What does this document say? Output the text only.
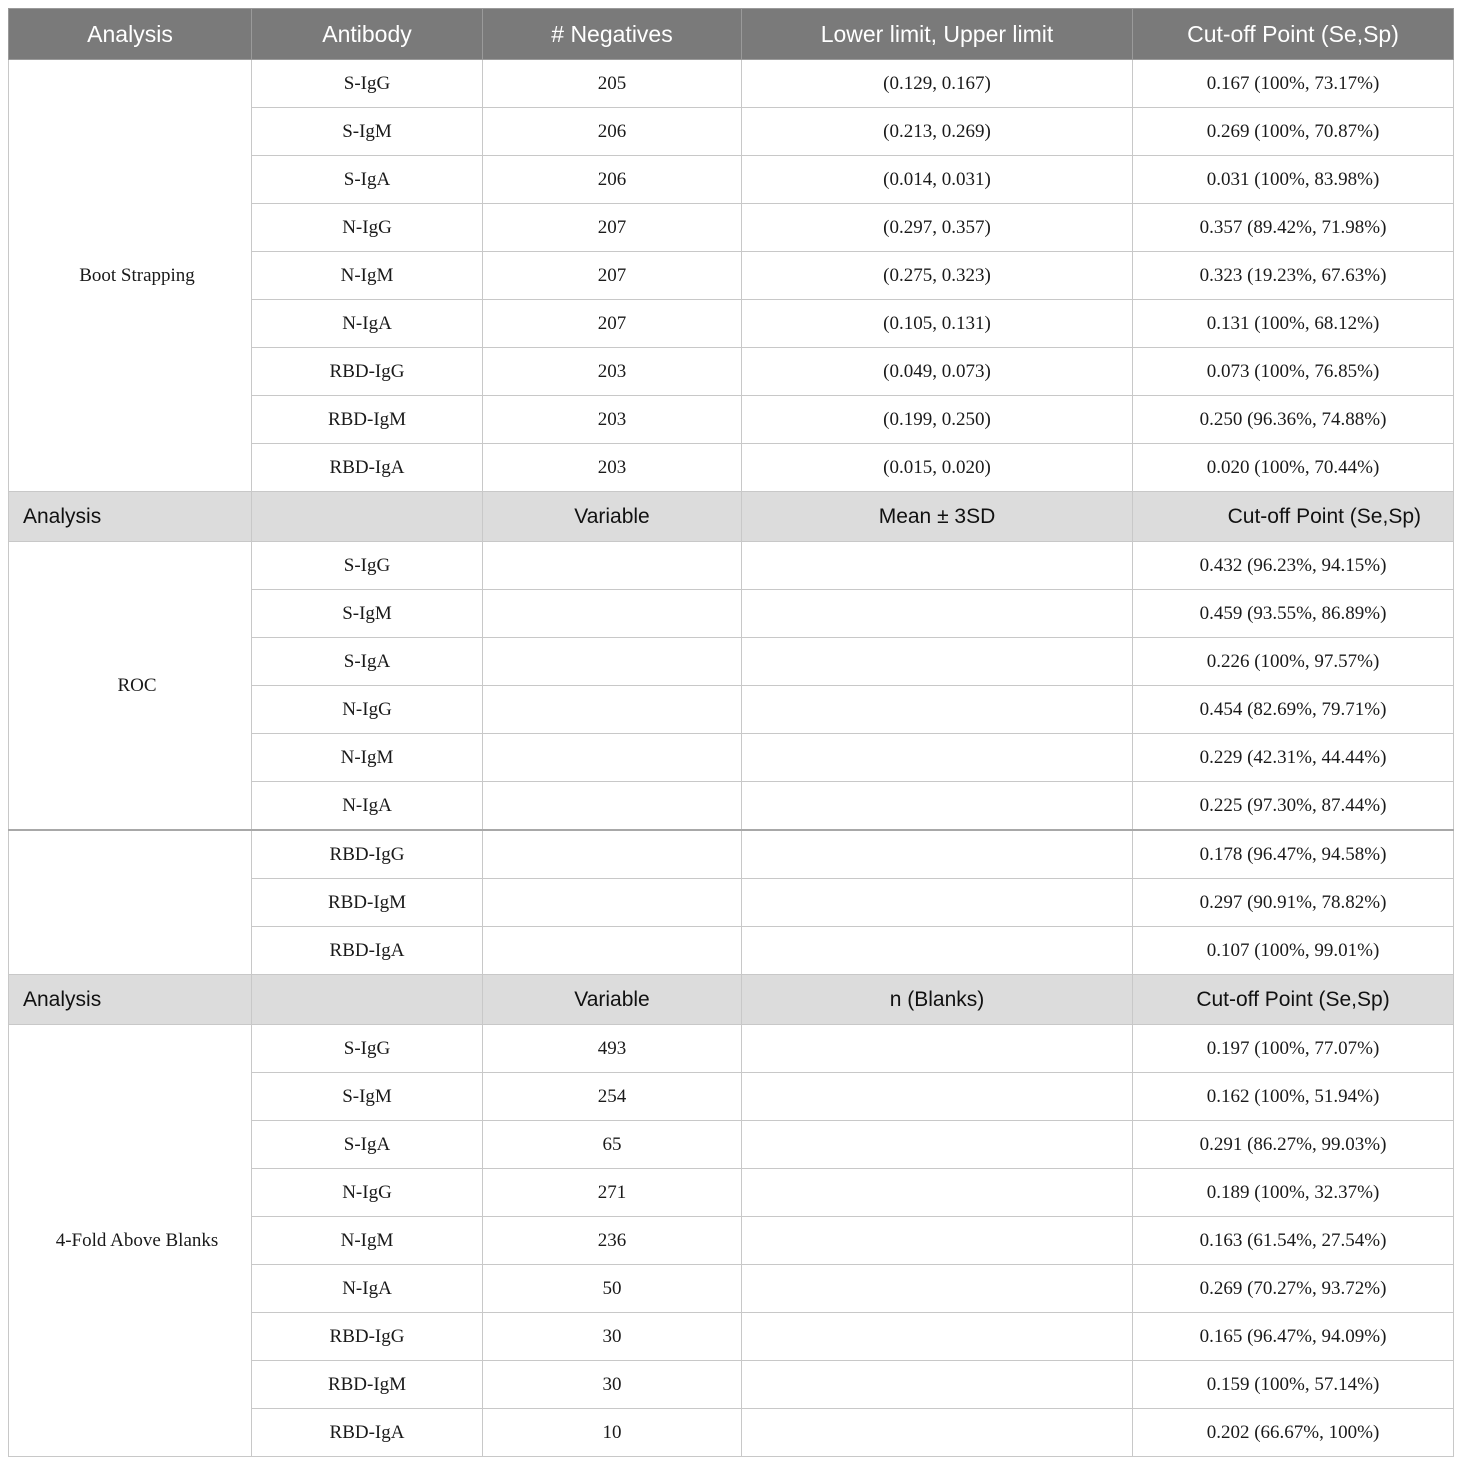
Analysis	Antibody	# Negatives	Lower limit, Upper limit	Cut-off Point (Se,Sp)
Boot Strapping	S-IgG	205	(0.129, 0.167)	0.167 (100%, 73.17%)
	S-IgM	206	(0.213, 0.269)	0.269 (100%, 70.87%)
	S-IgA	206	(0.014, 0.031)	0.031 (100%, 83.98%)
	N-IgG	207	(0.297, 0.357)	0.357 (89.42%, 71.98%)
	N-IgM	207	(0.275, 0.323)	0.323 (19.23%, 67.63%)
	N-IgA	207	(0.105, 0.131)	0.131 (100%, 68.12%)
	RBD-IgG	203	(0.049, 0.073)	0.073 (100%, 76.85%)
	RBD-IgM	203	(0.199, 0.250)	0.250 (96.36%, 74.88%)
	RBD-IgA	203	(0.015, 0.020)	0.020 (100%, 70.44%)
Analysis		Variable	Mean ± 3SD	Cut-off Point (Se,Sp)
ROC	S-IgG			0.432 (96.23%, 94.15%)
	S-IgM			0.459 (93.55%, 86.89%)
	S-IgA			0.226 (100%, 97.57%)
	N-IgG			0.454 (82.69%, 79.71%)
	N-IgM			0.229 (42.31%, 44.44%)
	N-IgA			0.225 (97.30%, 87.44%)
	RBD-IgG			0.178 (96.47%, 94.58%)
	RBD-IgM			0.297 (90.91%, 78.82%)
	RBD-IgA			0.107 (100%, 99.01%)
Analysis		Variable	n (Blanks)	Cut-off Point (Se,Sp)
4-Fold Above Blanks	S-IgG	493		0.197 (100%, 77.07%)
	S-IgM	254		0.162 (100%, 51.94%)
	S-IgA	65		0.291 (86.27%, 99.03%)
	N-IgG	271		0.189 (100%, 32.37%)
	N-IgM	236		0.163 (61.54%, 27.54%)
	N-IgA	50		0.269 (70.27%, 93.72%)
	RBD-IgG	30		0.165 (96.47%, 94.09%)
	RBD-IgM	30		0.159 (100%, 57.14%)
	RBD-IgA	10		0.202 (66.67%, 100%)
